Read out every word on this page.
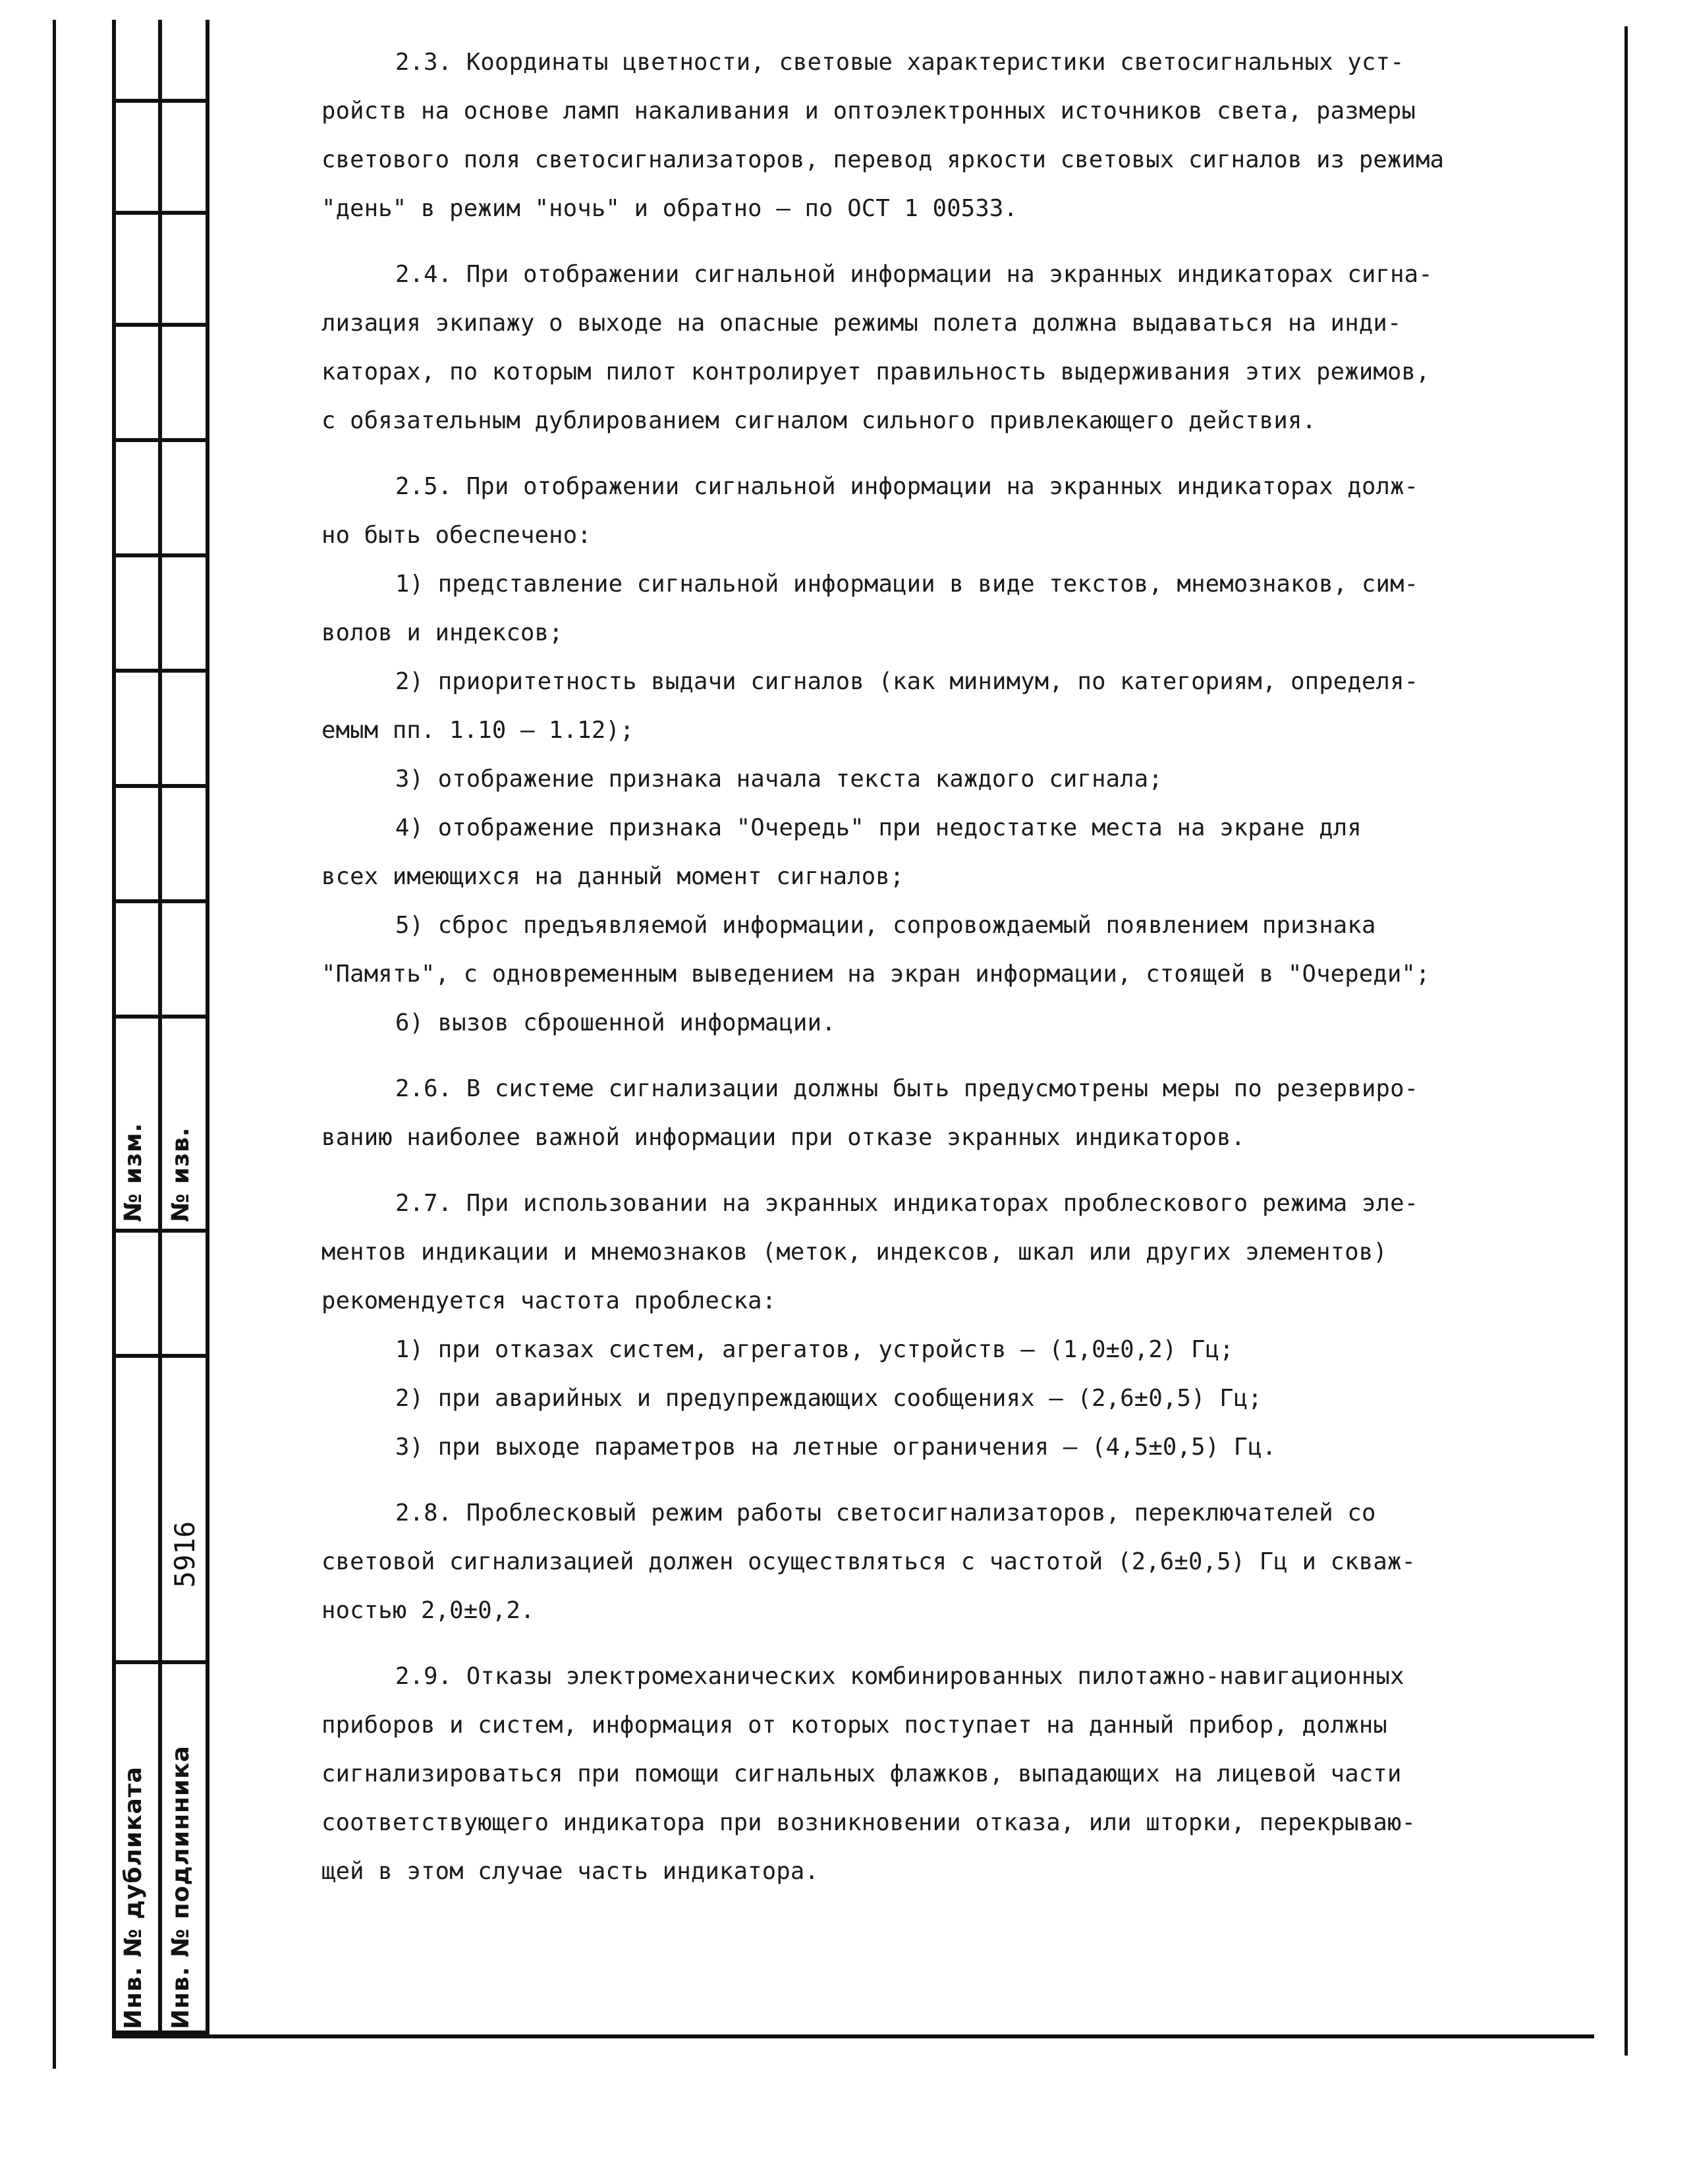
№ изм. № изв.
5916
Инв. № дубликата Инв. № подлинника
2.3. Координаты цветности, световые характеристики светосигнальных уст-
ройств на основе ламп накаливания и оптоэлектронных источников света, размеры
светового поля светосигнализаторов, перевод яркости световых сигналов из режима
"день" в режим "ночь" и обратно – по ОСТ 1 00533.
2.4. При отображении сигнальной информации на экранных индикаторах сигна-
лизация экипажу о выходе на опасные режимы полета должна выдаваться на инди-
каторах, по которым пилот контролирует правильность выдерживания этих режимов,
с обязательным дублированием сигналом сильного привлекающего действия.
2.5. При отображении сигнальной информации на экранных индикаторах долж-
но быть обеспечено:
1) представление сигнальной информации в виде текстов, мнемознаков, сим-
волов и индексов;
2) приоритетность выдачи сигналов (как минимум, по категориям, определя-
емым пп. 1.10 – 1.12);
3) отображение признака начала текста каждого сигнала;
4) отображение признака "Очередь" при недостатке места на экране для
всех имеющихся на данный момент сигналов;
5) сброс предъявляемой информации, сопровождаемый появлением признака
"Память", с одновременным выведением на экран информации, стоящей в "Очереди";
6) вызов сброшенной информации.
2.6. В системе сигнализации должны быть предусмотрены меры по резервиро-
ванию наиболее важной информации при отказе экранных индикаторов.
2.7. При использовании на экранных индикаторах проблескового режима эле-
ментов индикации и мнемознаков (меток, индексов, шкал или других элементов)
рекомендуется частота проблеска:
1) при отказах систем, агрегатов, устройств – (1,0±0,2) Гц;
2) при аварийных и предупреждающих сообщениях – (2,6±0,5) Гц;
3) при выходе параметров на летные ограничения – (4,5±0,5) Гц.
2.8. Проблесковый режим работы светосигнализаторов, переключателей со
световой сигнализацией должен осуществляться с частотой (2,6±0,5) Гц и скваж-
ностью 2,0±0,2.
2.9. Отказы электромеханических комбинированных пилотажно-навигационных
приборов и систем, информация от которых поступает на данный прибор, должны
сигнализироваться при помощи сигнальных флажков, выпадающих на лицевой части
соответствующего индикатора при возникновении отказа, или шторки, перекрываю-
щей в этом случае часть индикатора.
